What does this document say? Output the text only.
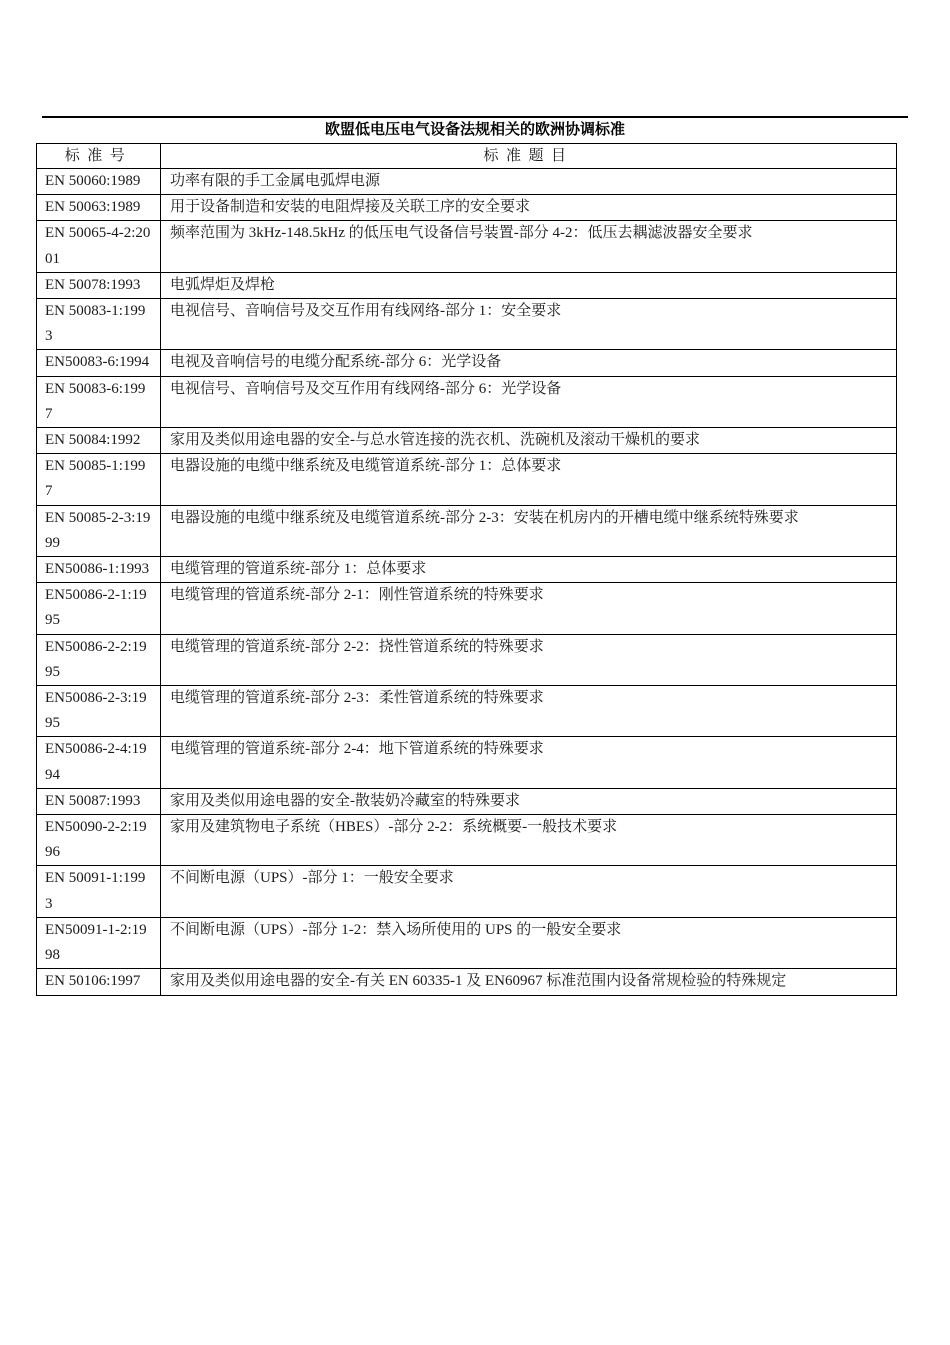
欧盟低电压电气设备法规相关的欧洲协调标准
标准号	标准题目
EN 50060:1989	功率有限的手工金属电弧焊电源
EN 50063:1989	用于设备制造和安装的电阻焊接及关联工序的安全要求
EN 50065-4-2:2001	频率范围为 3kHz-148.5kHz 的低压电气设备信号装置-部分 4-2：低压去耦滤波器安全要求
EN 50078:1993	电弧焊炬及焊枪
EN 50083-1:1993	电视信号、音响信号及交互作用有线网络-部分 1：安全要求
EN50083-6:1994	电视及音响信号的电缆分配系统-部分 6：光学设备
EN 50083-6:1997	电视信号、音响信号及交互作用有线网络-部分 6：光学设备
EN 50084:1992	家用及类似用途电器的安全-与总水管连接的洗衣机、洗碗机及滚动干燥机的要求
EN 50085-1:1997	电器设施的电缆中继系统及电缆管道系统-部分 1：总体要求
EN 50085-2-3:1999	电器设施的电缆中继系统及电缆管道系统-部分 2-3：安装在机房内的开槽电缆中继系统特殊要求
EN50086-1:1993	电缆管理的管道系统-部分 1：总体要求
EN50086-2-1:1995	电缆管理的管道系统-部分 2-1：刚性管道系统的特殊要求
EN50086-2-2:1995	电缆管理的管道系统-部分 2-2：挠性管道系统的特殊要求
EN50086-2-3:1995	电缆管理的管道系统-部分 2-3：柔性管道系统的特殊要求
EN50086-2-4:1994	电缆管理的管道系统-部分 2-4：地下管道系统的特殊要求
EN 50087:1993	家用及类似用途电器的安全-散装奶冷藏室的特殊要求
EN50090-2-2:1996	家用及建筑物电子系统（HBES）-部分 2-2：系统概要-一般技术要求
EN 50091-1:1993	不间断电源（UPS）-部分 1：一般安全要求
EN50091-1-2:1998	不间断电源（UPS）-部分 1-2：禁入场所使用的 UPS 的一般安全要求
EN 50106:1997	家用及类似用途电器的安全-有关 EN 60335-1 及 EN60967 标准范围内设备常规检验的特殊规定
